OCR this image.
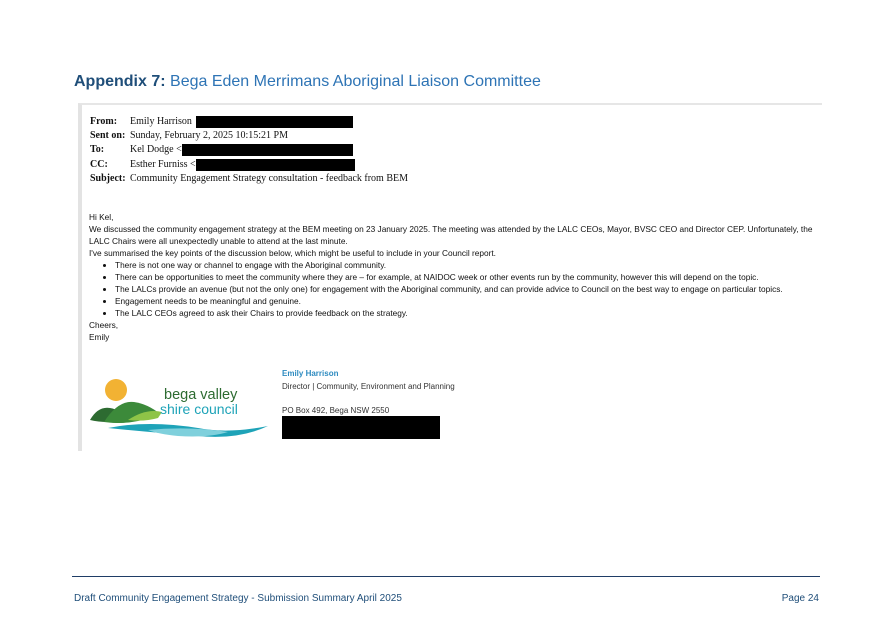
Appendix 7: Bega Eden Merrimans Aboriginal Liaison Committee
From:	Emily Harrison
Sent on: Sunday, February 2, 2025 10:15:21 PM
To:	Kel Dodge <
CC:	Esther Furniss <
Subject: Community Engagement Strategy consultation - feedback from BEM

Hi Kel,

We discussed the community engagement strategy at the BEM meeting on 23 January 2025. The meeting was attended by the LALC CEOs, Mayor, BVSC CEO and Director CEP. Unfortunately, the LALC Chairs were all unexpectedly unable to attend at the last minute.

I've summarised the key points of the discussion below, which might be useful to include in your Council report.

• There is not one way or channel to engage with the Aboriginal community.
• There can be opportunities to meet the community where they are – for example, at NAIDOC week or other events run by the community, however this will depend on the topic.
• The LALCs provide an avenue (but not the only one) for engagement with the Aboriginal community, and can provide advice to Council on the best way to engage on particular topics.
• Engagement needs to be meaningful and genuine.
• The LALC CEOs agreed to ask their Chairs to provide feedback on the strategy.

Cheers,

Emily

bega valley
shire council
Emily Harrison
Director | Community, Environment and Planning
PO Box 492, Bega NSW 2550
Draft Community Engagement Strategy - Submission Summary April 2025	Page 24
